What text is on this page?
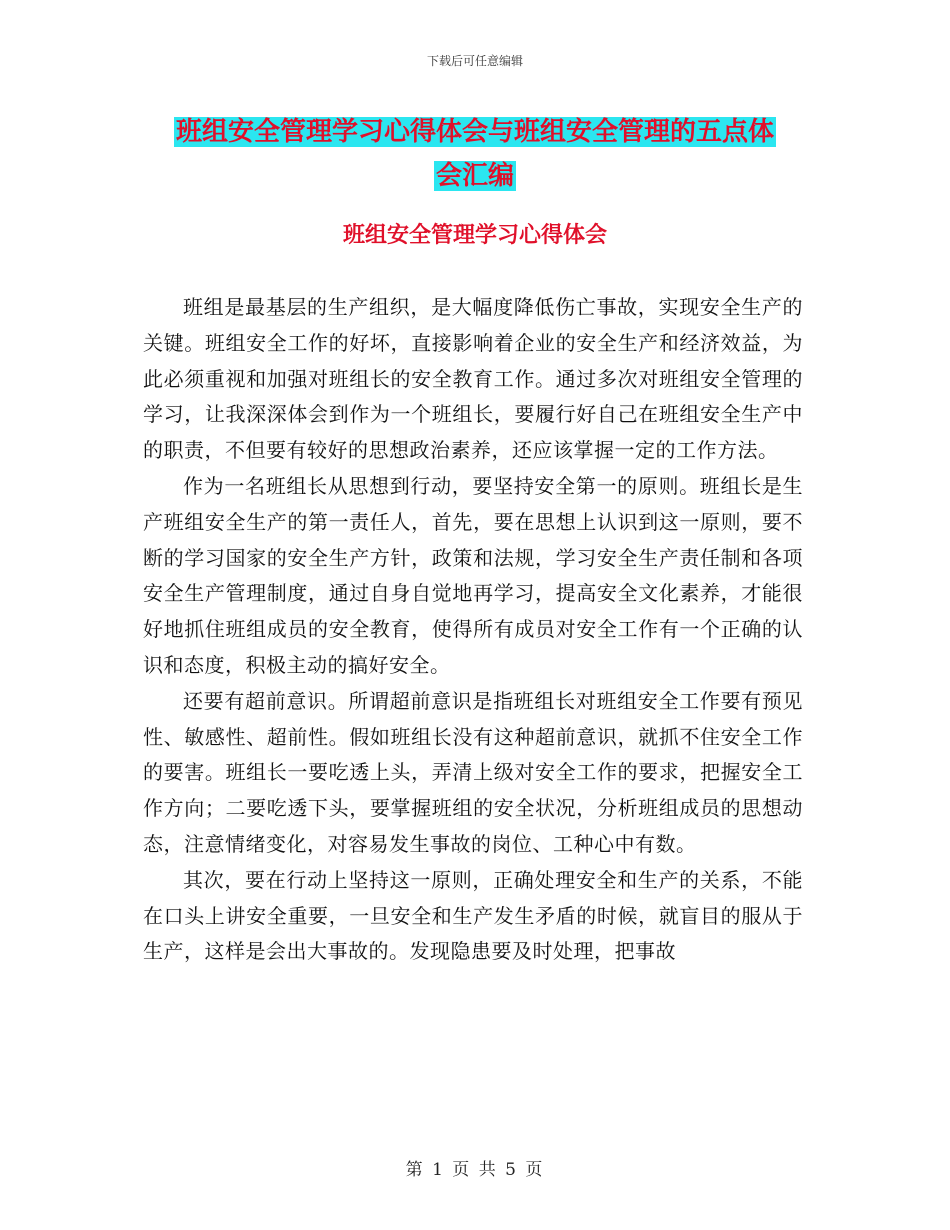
下载后可任意编辑
班组安全管理学习心得体会与班组安全管理的五点体
会汇编
班组安全管理学习心得体会

班组是最基层的生产组织，是大幅度降低伤亡事故，实现安全生产的关键。班组安全工作的好坏，直接影响着企业的安全生产和经济效益，为此必须重视和加强对班组长的安全教育工作。通过多次对班组安全管理的学习，让我深深体会到作为一个班组长，要履行好自己在班组安全生产中的职责，不但要有较好的思想政治素养，还应该掌握一定的工作方法。

作为一名班组长从思想到行动，要坚持安全第一的原则。班组长是生产班组安全生产的第一责任人，首先，要在思想上认识到这一原则，要不断的学习国家的安全生产方针，政策和法规，学习安全生产责任制和各项安全生产管理制度，通过自身自觉地再学习，提高安全文化素养，才能很好地抓住班组成员的安全教育，使得所有成员对安全工作有一个正确的认识和态度，积极主动的搞好安全。

还要有超前意识。所谓超前意识是指班组长对班组安全工作要有预见性、敏感性、超前性。假如班组长没有这种超前意识，就抓不住安全工作的要害。班组长一要吃透上头，弄清上级对安全工作的要求，把握安全工作方向；二要吃透下头，要掌握班组的安全状况，分析班组成员的思想动态，注意情绪变化，对容易发生事故的岗位、工种心中有数。

其次，要在行动上坚持这一原则，正确处理安全和生产的关系，不能在口头上讲安全重要，一旦安全和生产发生矛盾的时候，就盲目的服从于生产，这样是会出大事故的。发现隐患要及时处理，把事故

第 1 页 共 5 页
